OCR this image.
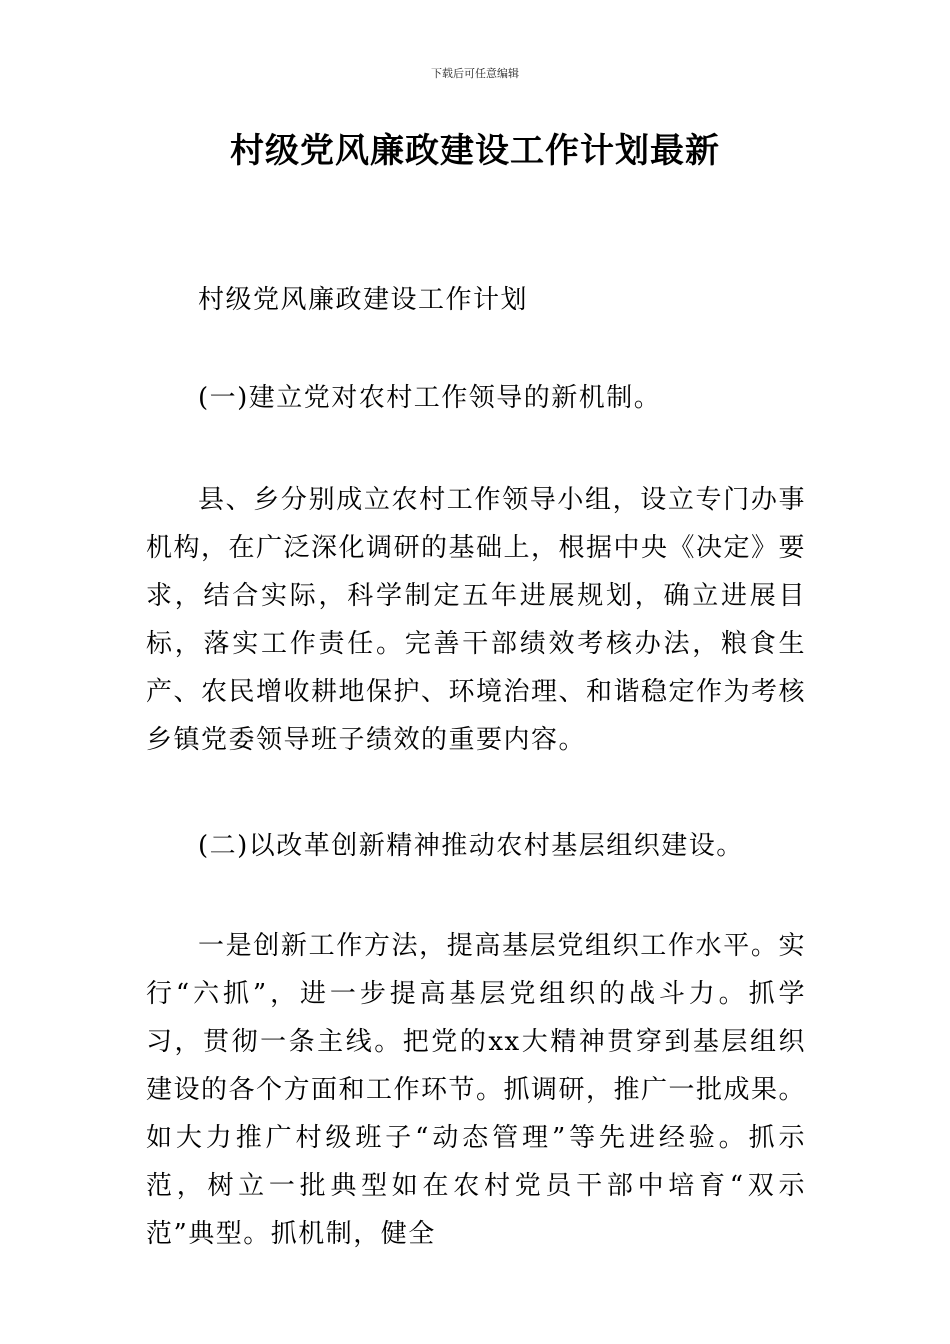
下载后可任意编辑
村级党风廉政建设工作计划最新
村级党风廉政建设工作计划
(一)建立党对农村工作领导的新机制。
县、乡分别成立农村工作领导小组，设立专门办事机构，在广泛深化调研的基础上，根据中央《决定》要求，结合实际，科学制定五年进展规划，确立进展目标，落实工作责任。完善干部绩效考核办法，粮食生产、农民增收耕地保护、环境治理、和谐稳定作为考核乡镇党委领导班子绩效的重要内容。
(二)以改革创新精神推动农村基层组织建设。
一是创新工作方法，提高基层党组织工作水平。实行“六抓”，进一步提高基层党组织的战斗力。抓学习，贯彻一条主线。把党的xx大精神贯穿到基层组织建设的各个方面和工作环节。抓调研，推广一批成果。如大力推广村级班子“动态管理”等先进经验。抓示范，树立一批典型如在农村党员干部中培育“双示范”典型。抓机制，健全
